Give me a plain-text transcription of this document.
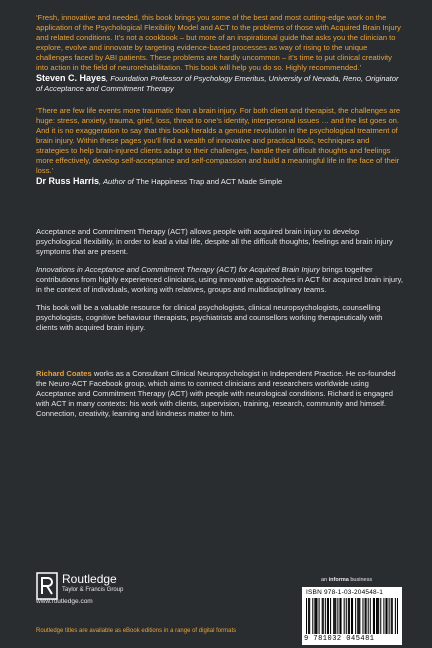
‘Fresh, innovative and needed, this book brings you some of the best and most cutting-edge work on the application of the Psychological Flexibility Model and ACT to the problems of those with Acquired Brain Injury and related conditions. It’s not a cookbook – but more of an inspirational guide that asks you the clinician to explore, evolve and innovate by targeting evidence-based processes as way of rising to the unique challenges faced by ABI patients. These problems are hardly uncommon – it’s time to put clinical creativity into action in the field of neurorehabilitation. This book will help you do so. Highly recommended.’

Steven C. Hayes, Foundation Professor of Psychology Emeritus, University of Nevada, Reno, Originator of Acceptance and Commitment Therapy

‘There are few life events more traumatic than a brain injury. For both client and therapist, the challenges are huge: stress, anxiety, trauma, grief, loss, threat to one’s identity, interpersonal issues … and the list goes on. And it is no exaggeration to say that this book heralds a genuine revolution in the psychological treatment of brain injury. Within these pages you’ll find a wealth of innovative and practical tools, techniques and strategies to help brain-injured clients adapt to their challenges, handle their difficult thoughts and feelings more effectively, develop self-acceptance and self-compassion and build a meaningful life in the face of their loss.’

Dr Russ Harris, Author of The Happiness Trap and ACT Made Simple

Acceptance and Commitment Therapy (ACT) allows people with acquired brain injury to develop psychological flexibility, in order to lead a vital life, despite all the difficult thoughts, feelings and brain injury symptoms that are present.

Innovations in Acceptance and Commitment Therapy (ACT) for Acquired Brain Injury brings together contributions from highly experienced clinicians, using innovative approaches in ACT for acquired brain injury, in the context of individuals, working with relatives, groups and multidisciplinary teams.

This book will be a valuable resource for clinical psychologists, clinical neuropsychologists, counselling psychologists, cognitive behaviour therapists, psychiatrists and counsellors working therapeutically with clients with acquired brain injury.

Richard Coates works as a Consultant Clinical Neuropsychologist in Independent Practice. He co-founded the Neuro-ACT Facebook group, which aims to connect clinicians and researchers worldwide using Acceptance and Commitment Therapy (ACT) with people with neurological conditions. Richard is engaged with ACT in many contexts: his work with clients, supervision, training, research, community and himself. Connection, creativity, learning and kindness matter to him.

Routledge
Taylor & Francis Group
www.routledge.com
Routledge titles are available as eBook editions in a range of digital formats
an informa business
ISBN 978-1-03-204548-1
9 781032 045481
